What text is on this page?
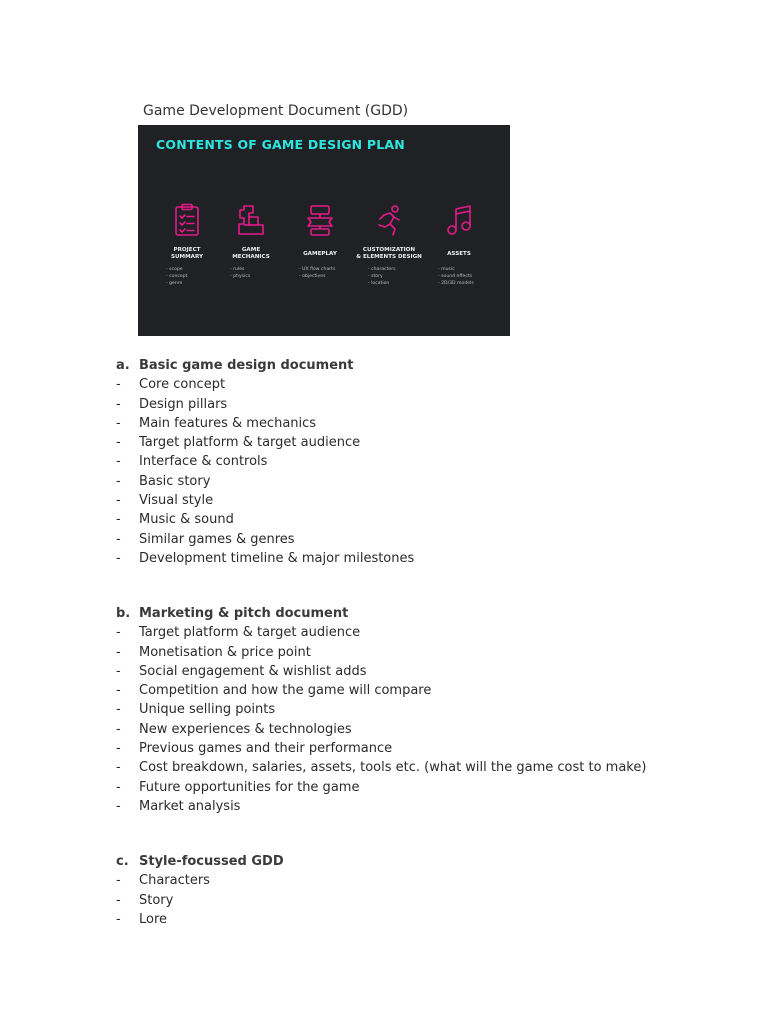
Game Development Document (GDD)
CONTENTS OF GAME DESIGN PLAN
PROJECT
SUMMARY
- scope
- concept
- genre
GAME
MECHANICS
- rules
- physics
GAMEPLAY
- UX flow charts
- objectives
CUSTOMIZATION
& ELEMENTS DESIGN
- characters
- story
- location
ASSETS
- music
- sound effects
- 2D/3D models
a. Basic game design document
-	Core concept
-	Design pillars
-	Main features & mechanics
-	Target platform & target audience
-	Interface & controls
-	Basic story
-	Visual style
-	Music & sound
-	Similar games & genres
-	Development timeline & major milestones
b. Marketing & pitch document
-	Target platform & target audience
-	Monetisation & price point
-	Social engagement & wishlist adds
-	Competition and how the game will compare
-	Unique selling points
-	New experiences & technologies
-	Previous games and their performance
-	Cost breakdown, salaries, assets, tools etc. (what will the game cost to make)
-	Future opportunities for the game
-	Market analysis
c. Style-focussed GDD
-	Characters
-	Story
-	Lore
